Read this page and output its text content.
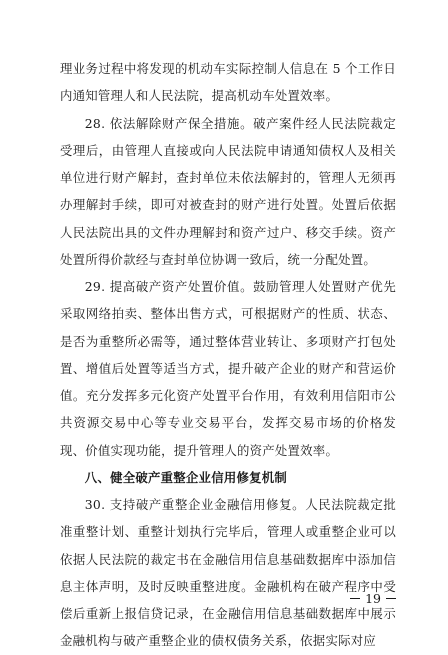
理业务过程中将发现的机动车实际控制人信息在 5 个工作日内通知管理人和人民法院，提高机动车处置效率。

28. 依法解除财产保全措施。破产案件经人民法院裁定受理后，由管理人直接或向人民法院申请通知债权人及相关单位进行财产解封，查封单位未依法解封的，管理人无须再办理解封手续，即可对被查封的财产进行处置。处置后依据人民法院出具的文件办理解封和资产过户、移交手续。资产处置所得价款经与查封单位协调一致后，统一分配处置。

29. 提高破产资产处置价值。鼓励管理人处置财产优先采取网络拍卖、整体出售方式，可根据财产的性质、状态、是否为重整所必需等，通过整体营业转让、多项财产打包处置、增值后处置等适当方式，提升破产企业的财产和营运价值。充分发挥多元化资产处置平台作用，有效利用信阳市公共资源交易中心等专业交易平台，发挥交易市场的价格发现、价值实现功能，提升管理人的资产处置效率。

八、健全破产重整企业信用修复机制

30. 支持破产重整企业金融信用修复。人民法院裁定批准重整计划、重整计划执行完毕后，管理人或重整企业可以依据人民法院的裁定书在金融信用信息基础数据库中添加信息主体声明，及时反映重整进度。金融机构在破产程序中受偿后重新上报信贷记录，在金融信用信息基础数据库中展示金融机构与破产重整企业的债权债务关系，依据实际对应

19
